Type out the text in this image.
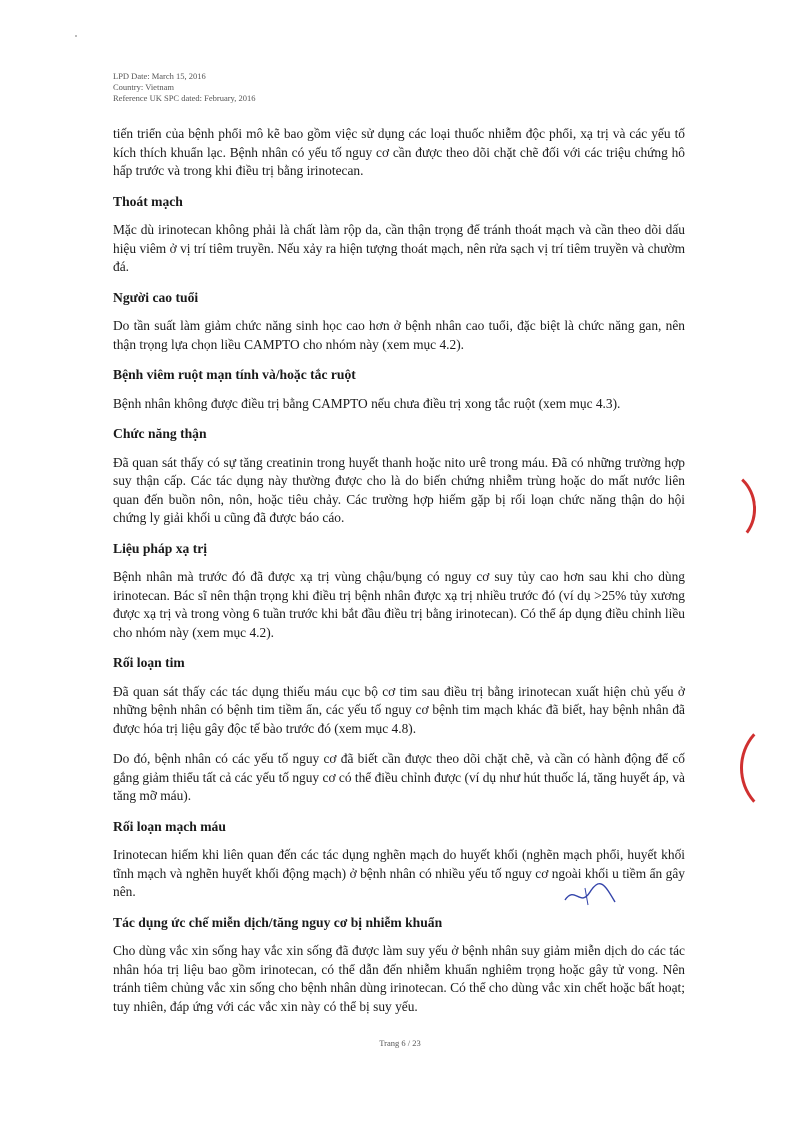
LPD Date: March 15, 2016
Country: Vietnam
Reference UK SPC dated: February, 2016

tiến triển của bệnh phổi mô kẽ bao gồm việc sử dụng các loại thuốc nhiễm độc phổi, xạ trị và các yếu tố kích thích khuẩn lạc. Bệnh nhân có yếu tố nguy cơ cần được theo dõi chặt chẽ đối với các triệu chứng hô hấp trước và trong khi điều trị bằng irinotecan.

Thoát mạch

Mặc dù irinotecan không phải là chất làm rộp da, cần thận trọng để tránh thoát mạch và cần theo dõi dấu hiệu viêm ở vị trí tiêm truyền. Nếu xảy ra hiện tượng thoát mạch, nên rửa sạch vị trí tiêm truyền và chườm đá.

Người cao tuổi

Do tần suất làm giảm chức năng sinh học cao hơn ở bệnh nhân cao tuổi, đặc biệt là chức năng gan, nên thận trọng lựa chọn liều CAMPTO cho nhóm này (xem mục 4.2).

Bệnh viêm ruột mạn tính và/hoặc tắc ruột

Bệnh nhân không được điều trị bằng CAMPTO nếu chưa điều trị xong tắc ruột (xem mục 4.3).

Chức năng thận

Đã quan sát thấy có sự tăng creatinin trong huyết thanh hoặc nito urê trong máu. Đã có những trường hợp suy thận cấp. Các tác dụng này thường được cho là do biến chứng nhiễm trùng hoặc do mất nước liên quan đến buồn nôn, nôn, hoặc tiêu chảy. Các trường hợp hiếm gặp bị rối loạn chức năng thận do hội chứng ly giải khối u cũng đã được báo cáo.

Liệu pháp xạ trị

Bệnh nhân mà trước đó đã được xạ trị vùng chậu/bụng có nguy cơ suy tủy cao hơn sau khi cho dùng irinotecan. Bác sĩ nên thận trọng khi điều trị bệnh nhân được xạ trị nhiều trước đó (ví dụ >25% tủy xương được xạ trị và trong vòng 6 tuần trước khi bắt đầu điều trị bằng irinotecan). Có thể áp dụng điều chỉnh liều cho nhóm này (xem mục 4.2).

Rối loạn tim

Đã quan sát thấy các tác dụng thiếu máu cục bộ cơ tim sau điều trị bằng irinotecan xuất hiện chủ yếu ở những bệnh nhân có bệnh tim tiềm ẩn, các yếu tố nguy cơ bệnh tim mạch khác đã biết, hay bệnh nhân đã được hóa trị liệu gây độc tế bào trước đó (xem mục 4.8).

Do đó, bệnh nhân có các yếu tố nguy cơ đã biết cần được theo dõi chặt chẽ, và cần có hành động để cố gắng giảm thiểu tất cả các yếu tố nguy cơ có thể điều chỉnh được (ví dụ như hút thuốc lá, tăng huyết áp, và tăng mỡ máu).

Rối loạn mạch máu

Irinotecan hiếm khi liên quan đến các tác dụng nghẽn mạch do huyết khối (nghẽn mạch phổi, huyết khối tĩnh mạch và nghẽn huyết khối động mạch) ở bệnh nhân có nhiều yếu tố nguy cơ ngoài khối u tiềm ẩn gây nên.

Tác dụng ức chế miễn dịch/tăng nguy cơ bị nhiễm khuẩn

Cho dùng vắc xin sống hay vắc xin sống đã được làm suy yếu ở bệnh nhân suy giảm miễn dịch do các tác nhân hóa trị liệu bao gồm irinotecan, có thể dẫn đến nhiễm khuẩn nghiêm trọng hoặc gây tử vong. Nên tránh tiêm chủng vắc xin sống cho bệnh nhân dùng irinotecan. Có thể cho dùng vắc xin chết hoặc bất hoạt; tuy nhiên, đáp ứng với các vắc xin này có thể bị suy yếu.

Trang 6 / 23
